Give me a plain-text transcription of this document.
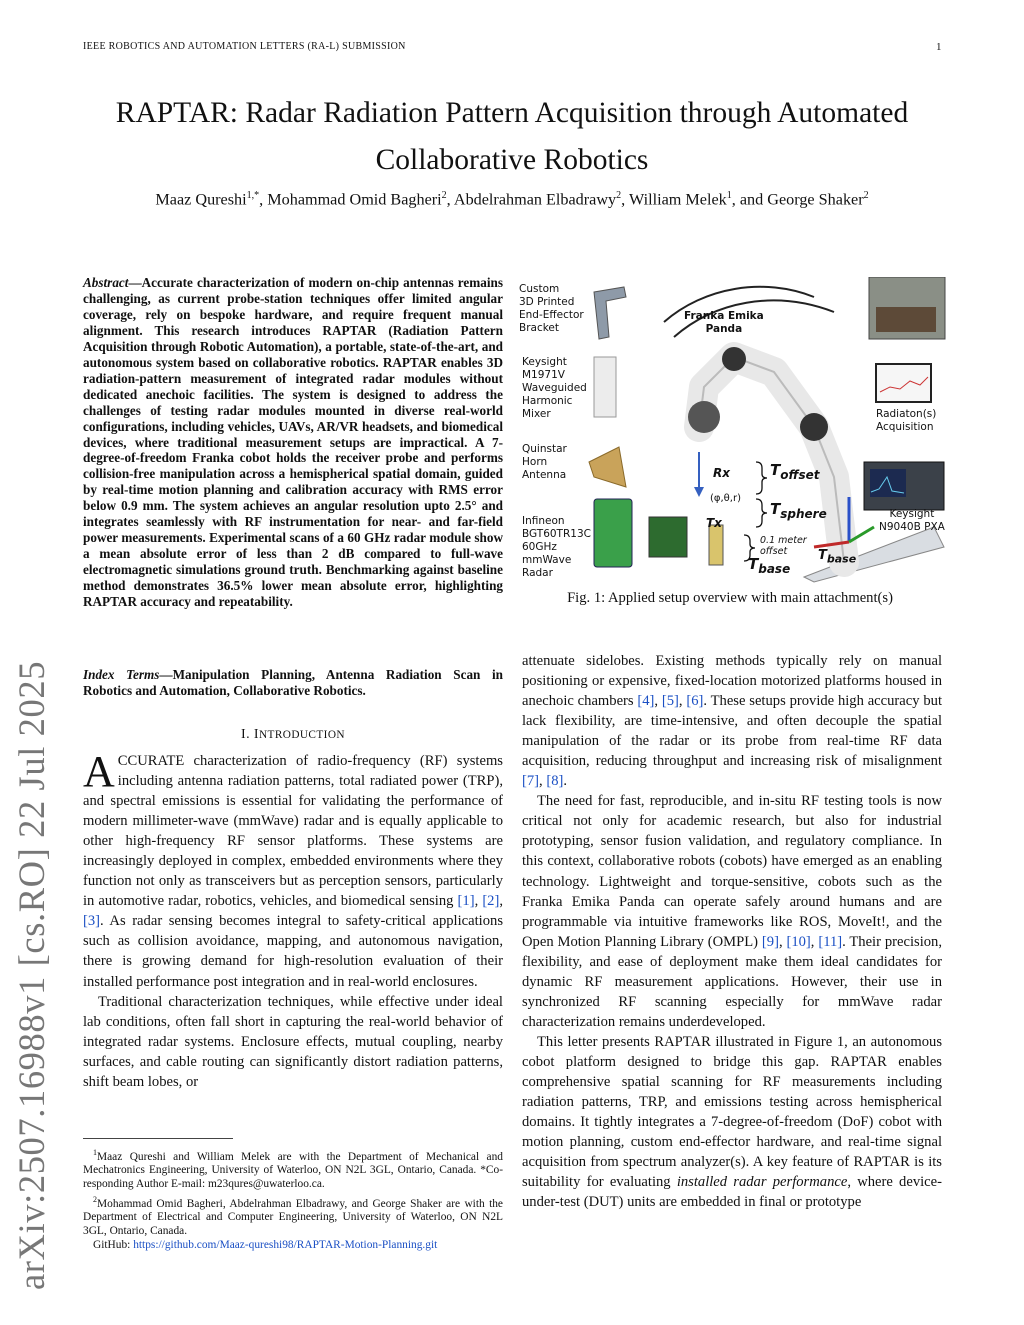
IEEE ROBOTICS AND AUTOMATION LETTERS (RA-L) SUBMISSION	1
arXiv:2507.16988v1 [cs.RO] 22 Jul 2025
RAPTAR: Radar Radiation Pattern Acquisition through Automated Collaborative Robotics
Maaz Qureshi$^{1,*}$, Mohammad Omid Bagheri$^2$, Abdelrahman Elbadrawy$^2$, William Melek$^1$, and George Shaker$^2$
Abstract—Accurate characterization of modern on-chip antennas remains challenging, as current probe-station techniques offer limited angular coverage, rely on bespoke hardware, and require frequent manual alignment. This research introduces RAPTAR (Radiation Pattern Acquisition through Robotic Automation), a portable, state-of-the-art, and autonomous system based on collaborative robotics. RAPTAR enables 3D radiation-pattern measurement of integrated radar modules without dedicated anechoic facilities. The system is designed to address the challenges of testing radar modules mounted in diverse real-world configurations, including vehicles, UAVs, AR/VR headsets, and biomedical devices, where traditional measurement setups are impractical. A 7-degree-of-freedom Franka cobot holds the receiver probe and performs collision-free manipulation across a hemispherical spatial domain, guided by real-time motion planning and calibration accuracy with RMS error below 0.9 mm. The system achieves an angular resolution upto 2.5° and integrates seamlessly with RF instrumentation for near- and far-field power measurements. Experimental scans of a 60 GHz radar module show a mean absolute error of less than 2 dB compared to full-wave electromagnetic simulations ground truth. Benchmarking against baseline method demonstrates 36.5% lower mean absolute error, highlighting RAPTAR accuracy and repeatability.
Index Terms—Manipulation Planning, Antenna Radiation Scan in Robotics and Automation, Collaborative Robotics.
I. INTRODUCTION

ACCURATE characterization of radio-frequency (RF) systems including antenna radiation patterns, total radiated power (TRP), and spectral emissions is essential for validating the performance of modern millimeter-wave (mmWave) radar and is equally applicable to other high-frequency RF sensor platforms. These systems are increasingly deployed in complex, embedded environments where they function not only as transceivers but as perception sensors, particularly in automotive radar, robotics, vehicles, and biomedical sensing [1], [2], [3]. As radar sensing becomes integral to safety-critical applications such as collision avoidance, mapping, and autonomous navigation, there is growing demand for high-resolution evaluation of their installed performance post integration and in real-world enclosures.

Traditional characterization techniques, while effective under ideal lab conditions, often fall short in capturing the real-world behavior of integrated radar systems. Enclosure effects, mutual coupling, nearby surfaces, and cable routing can significantly distort radiation patterns, shift beam lobes, or

$^1$Maaz Qureshi and William Melek are with the Department of Mechanical and Mechatronics Engineering, University of Waterloo, ON N2L 3GL, Ontario, Canada. *Co-responding Author E-mail: m23qures@uwaterloo.ca.

$^2$Mohammad Omid Bagheri, Abdelrahman Elbadrawy, and George Shaker are with the Department of Electrical and Computer Engineering, University of Waterloo, ON N2L 3GL, Ontario, Canada.

GitHub: https://github.com/Maaz-qureshi98/RAPTAR-Motion-Planning.git

Custom
3D Printed
End-Effector
Bracket
Keysight
M1971V
Waveguided
Harmonic
Mixer
Quinstar
Horn
Antenna
Infineon
BGT60TR13C
60GHz
mmWave
Radar
Franka Emika
Panda
Radiaton(s)
Acquisition
Keysight
N9040B PXA
Rx
Tx
(φ,θ,r)
$T_{offset}$
$T_{sphere}$
$T_{base}$
$T_{base}$
0.1 meter
offset
Fig. 1: Applied setup overview with main attachment(s)

attenuate sidelobes. Existing methods typically rely on manual positioning or expensive, fixed-location motorized platforms housed in anechoic chambers [4], [5], [6]. These setups provide high accuracy but lack flexibility, are time-intensive, and often decouple the spatial manipulation of the radar or its probe from real-time RF data acquisition, reducing throughput and increasing risk of misalignment [7], [8].

The need for fast, reproducible, and in-situ RF testing tools is now critical not only for academic research, but also for industrial prototyping, sensor fusion validation, and regulatory compliance. In this context, collaborative robots (cobots) have emerged as an enabling technology. Lightweight and torque-sensitive, cobots such as the Franka Emika Panda can operate safely around humans and are programmable via intuitive frameworks like ROS, MoveIt!, and the Open Motion Planning Library (OMPL) [9], [10], [11]. Their precision, flexibility, and ease of deployment make them ideal candidates for dynamic RF measurement applications. However, their use in synchronized RF scanning especially for mmWave radar characterization remains underdeveloped.

This letter presents RAPTAR illustrated in Figure 1, an autonomous cobot platform designed to bridge this gap. RAPTAR enables comprehensive spatial scanning for RF measurements including radiation patterns, TRP, and emissions testing across hemispherical domains. It tightly integrates a 7-degree-of-freedom (DoF) cobot with motion planning, custom end-effector hardware, and real-time signal acquisition from spectrum analyzer(s). A key feature of RAPTAR is its suitability for evaluating installed radar performance, where device-under-test (DUT) units are embedded in final or prototype
